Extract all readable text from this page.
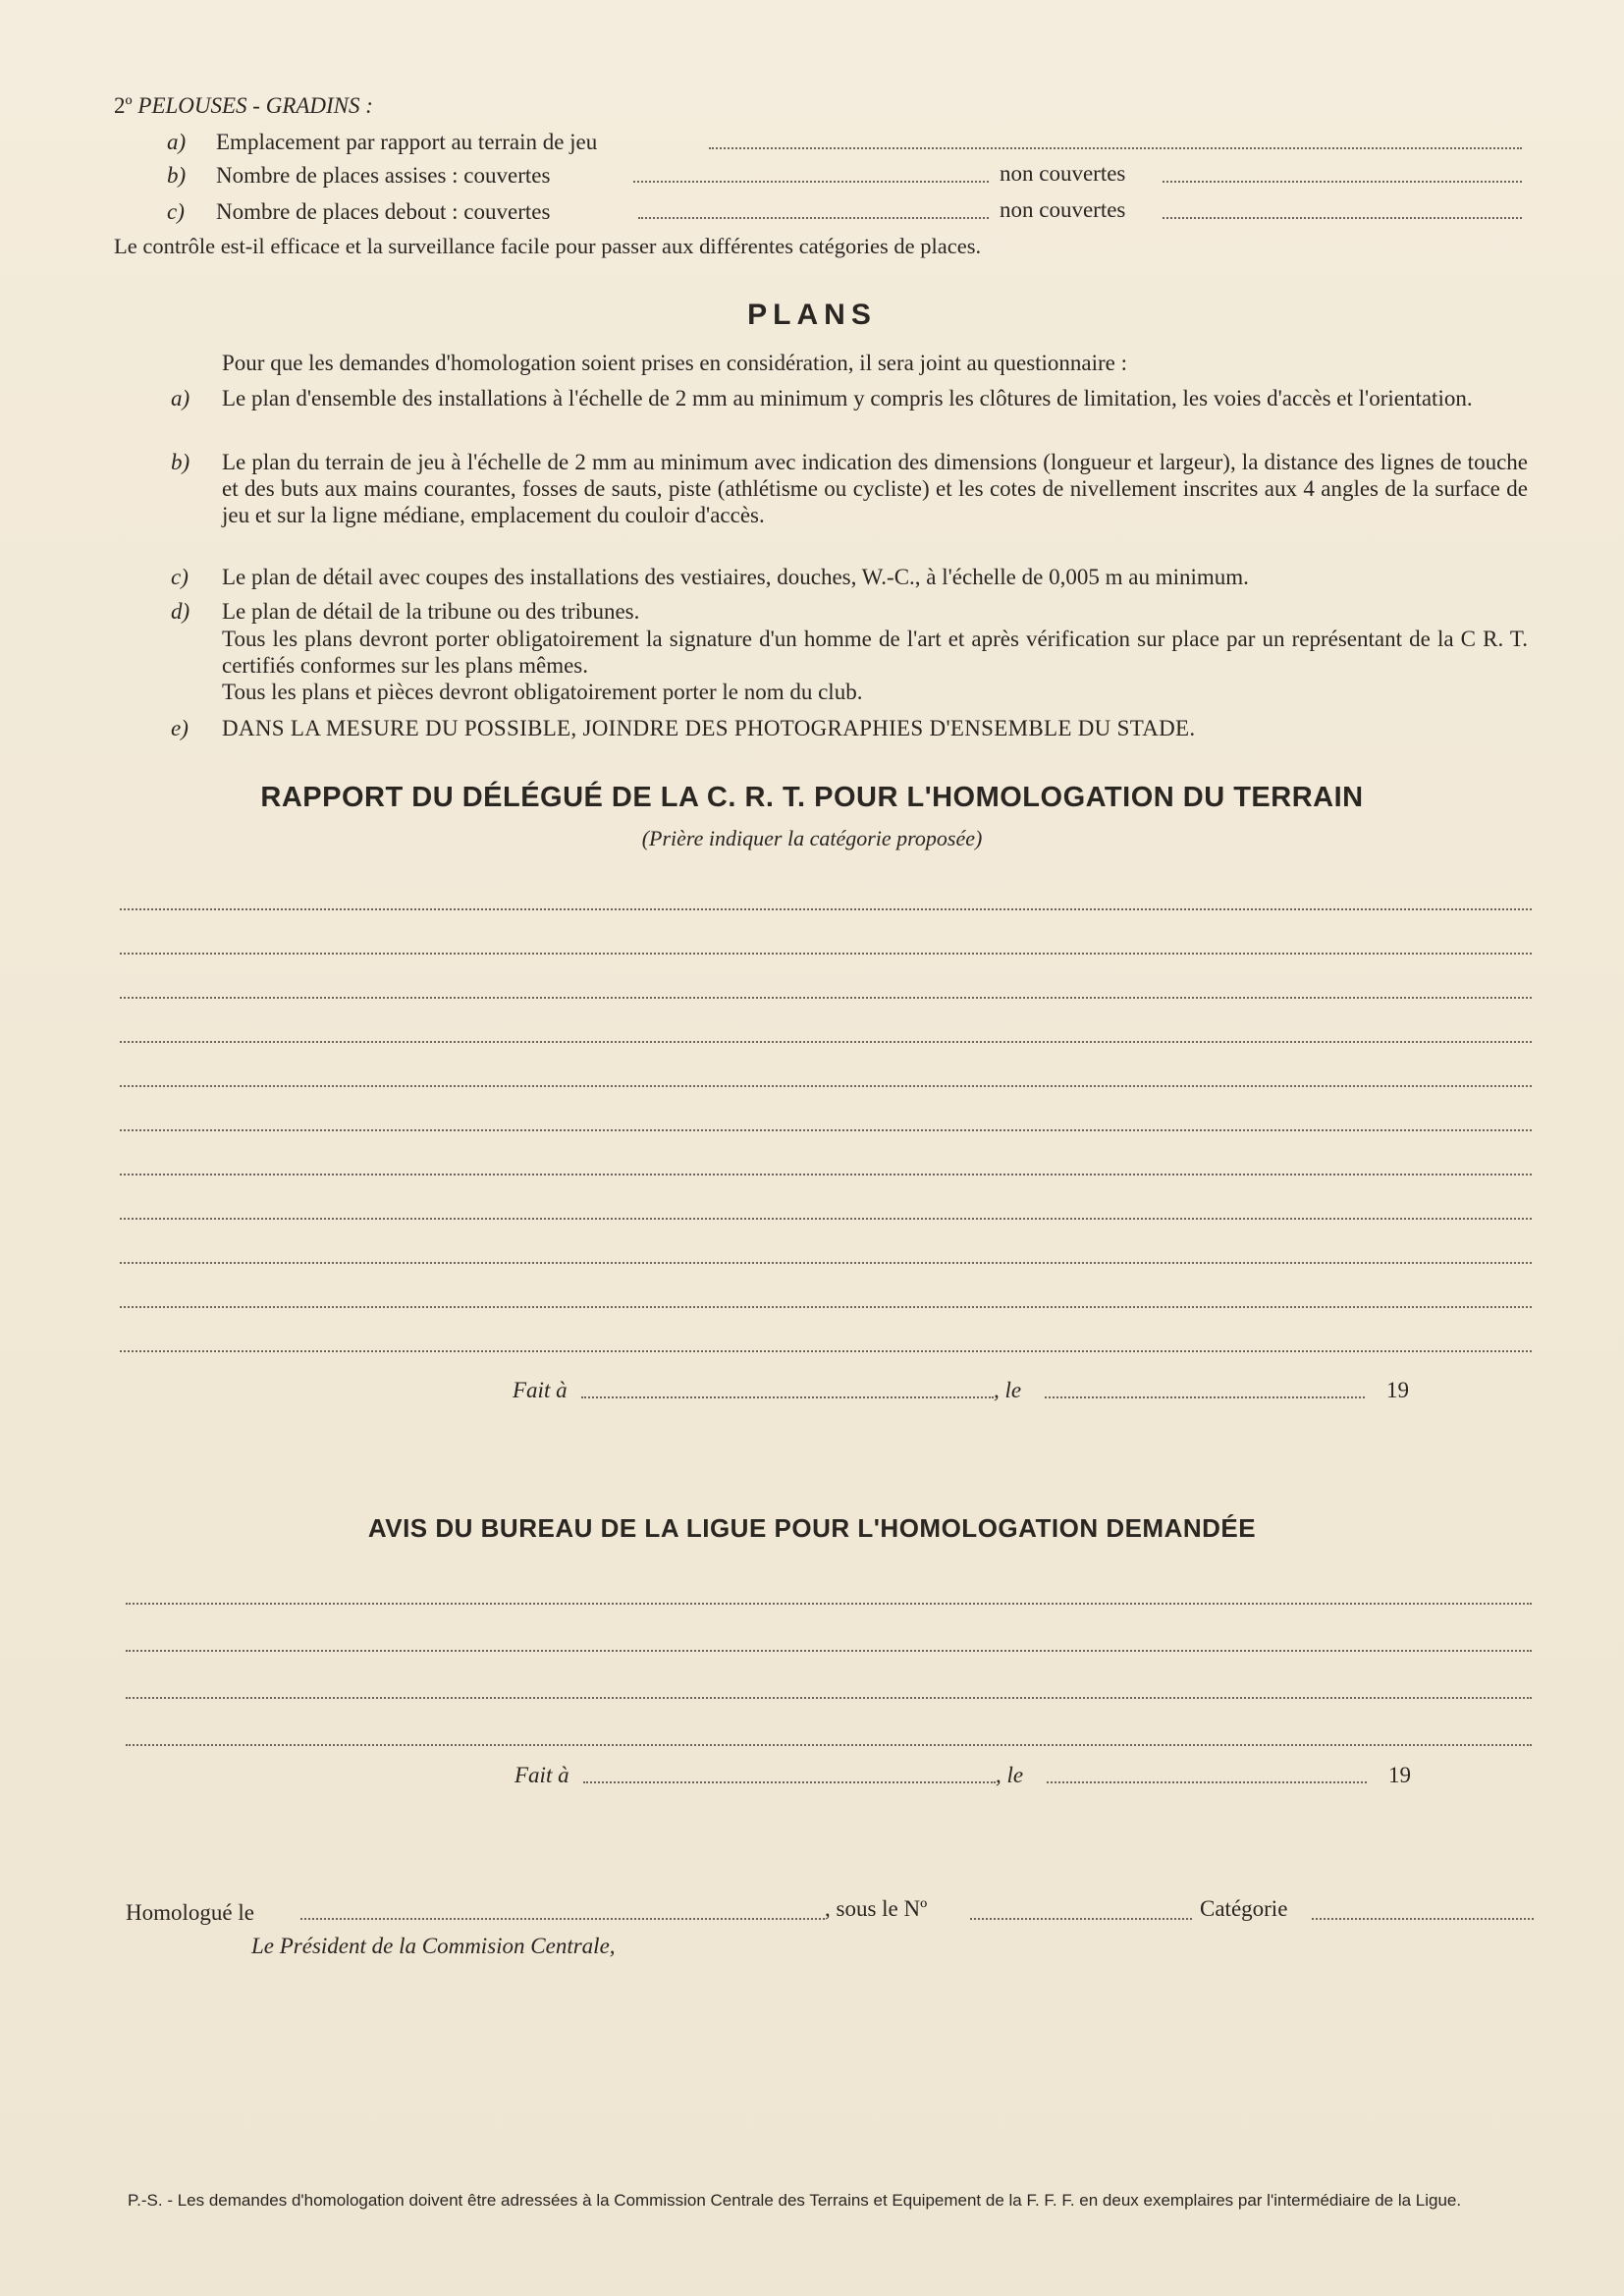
2º PELOUSES - GRADINS :
a) Emplacement par rapport au terrain de jeu
b) Nombre de places assises : couvertes	non couvertes
c) Nombre de places debout : couvertes	non couvertes
Le contrôle est-il efficace et la surveillance facile pour passer aux différentes catégories de places.
PLANS
Pour que les demandes d'homologation soient prises en considération, il sera joint au questionnaire :
a) Le plan d'ensemble des installations à l'échelle de 2 mm au minimum y compris les clôtures de limitation, les voies d'accès et l'orientation.
b) Le plan du terrain de jeu à l'échelle de 2 mm au minimum avec indication des dimensions (longueur et largeur), la distance des lignes de touche et des buts aux mains courantes, fosses de sauts, piste (athlétisme ou cycliste) et les cotes de nivellement inscrites aux 4 angles de la surface de jeu et sur la ligne médiane, emplacement du couloir d'accès.
c) Le plan de détail avec coupes des installations des vestiaires, douches, W.-C., à l'échelle de 0,005 m au minimum.
d) Le plan de détail de la tribune ou des tribunes.
Tous les plans devront porter obligatoirement la signature d'un homme de l'art et après vérification sur place par un représentant de la C R. T. certifiés conformes sur les plans mêmes.
Tous les plans et pièces devront obligatoirement porter le nom du club.
e) DANS LA MESURE DU POSSIBLE, JOINDRE DES PHOTOGRAPHIES D'ENSEMBLE DU STADE.
RAPPORT DU DÉLÉGUÉ DE LA C. R. T. POUR L'HOMOLOGATION DU TERRAIN
(Prière indiquer la catégorie proposée)
Fait à	, le	19
AVIS DU BUREAU DE LA LIGUE POUR L'HOMOLOGATION DEMANDÉE
Fait à	, le	19
Homologué le	, sous le Nº	Catégorie
Le Président de la Commision Centrale,
P.-S. - Les demandes d'homologation doivent être adressées à la Commission Centrale des Terrains et Equipement de la F. F. F. en deux exemplaires par l'intermédiaire de la Ligue.
